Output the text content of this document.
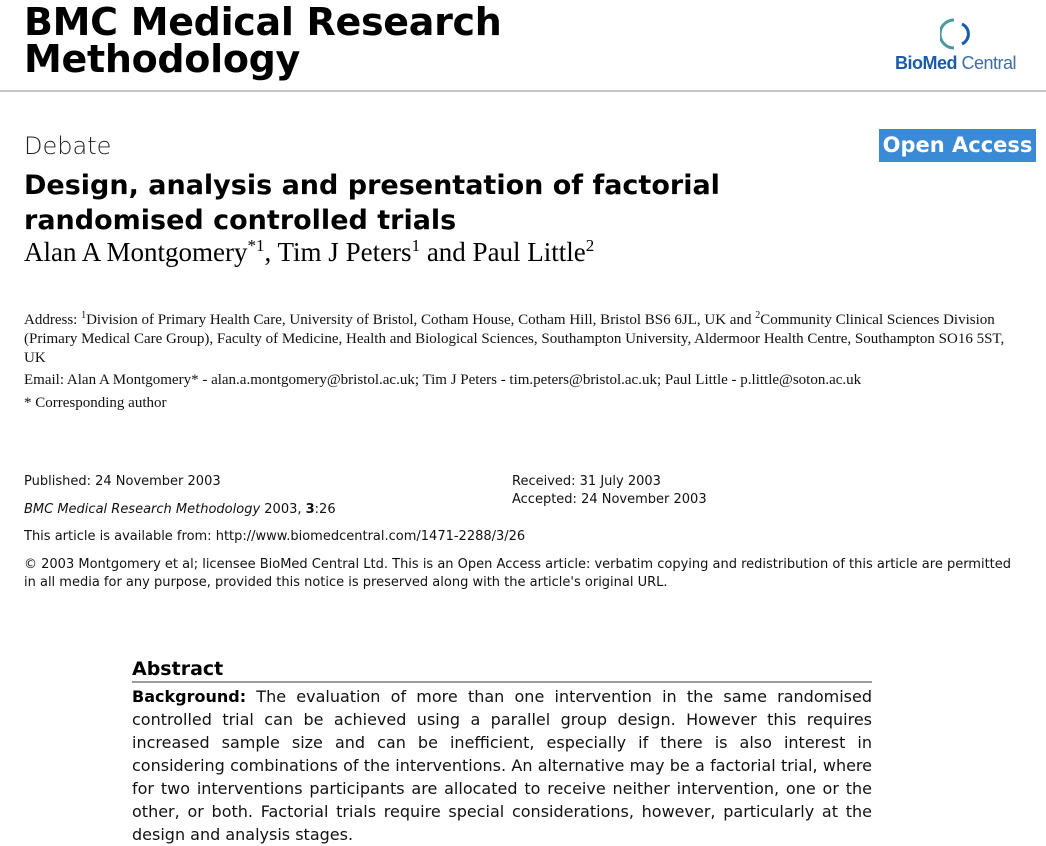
BMC Medical Research
Methodology	BioMed Central
Debate	Open Access
Design, analysis and presentation of factorial randomised controlled trials
Alan A Montgomery$^{*1}$, Tim J Peters$^1$ and Paul Little$^2$
Address: $^1$Division of Primary Health Care, University of Bristol, Cotham House, Cotham Hill, Bristol BS6 6JL, UK and $^2$Community Clinical Sciences Division (Primary Medical Care Group), Faculty of Medicine, Health and Biological Sciences, Southampton University, Aldermoor Health Centre, Southampton SO16 5ST, UK
Email: Alan A Montgomery* - alan.a.montgomery@bristol.ac.uk; Tim J Peters - tim.peters@bristol.ac.uk; Paul Little - p.little@soton.ac.uk
* Corresponding author
Published: 24 November 2003	Received: 31 July 2003
Accepted: 24 November 2003
BMC Medical Research Methodology 2003, 3:26
This article is available from: http://www.biomedcentral.com/1471-2288/3/26
© 2003 Montgomery et al; licensee BioMed Central Ltd. This is an Open Access article: verbatim copying and redistribution of this article are permitted in all media for any purpose, provided this notice is preserved along with the article's original URL.
Abstract
Background: The evaluation of more than one intervention in the same randomised controlled trial can be achieved using a parallel group design. However this requires increased sample size and can be inefficient, especially if there is also interest in considering combinations of the interventions. An alternative may be a factorial trial, where for two interventions participants are allocated to receive neither intervention, one or the other, or both. Factorial trials require special considerations, however, particularly at the design and analysis stages.
